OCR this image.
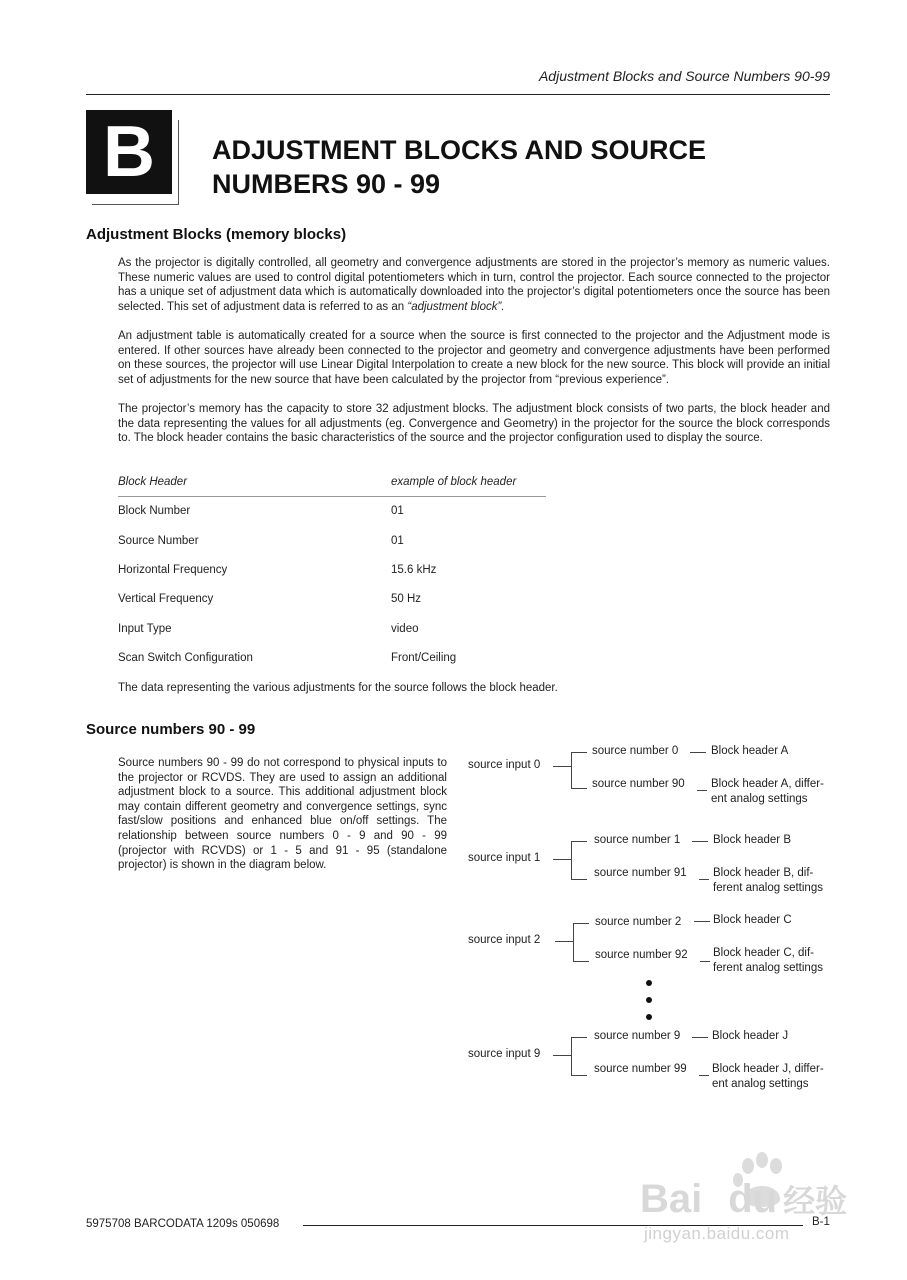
Adjustment Blocks and Source Numbers 90-99
B	ADJUSTMENT BLOCKS AND SOURCE
NUMBERS 90 - 99
Adjustment Blocks (memory blocks)
As the projector is digitally controlled, all geometry and convergence adjustments are stored in the projector’s memory as numeric values. These numeric values are used to control digital potentiometers which in turn, control the projector. Each source connected to the projector has a unique set of adjustment data which is automatically downloaded into the projector’s digital potentiometers once the source has been selected. This set of adjustment data is referred to as an “adjustment block”.
An adjustment table is automatically created for a source when the source is first connected to the projector and the Adjustment mode is entered. If other sources have already been connected to the projector and geometry and convergence adjustments have been performed on these sources, the projector will use Linear Digital Interpolation to create a new block for the new source. This block will provide an initial set of adjustments for the new source that have been calculated by the projector from “previous experience”.
The projector’s memory has the capacity to store 32 adjustment blocks. The adjustment block consists of two parts, the block header and the data representing the values for all adjustments (eg. Convergence and Geometry) in the projector for the source the block corresponds to. The block header contains the basic characteristics of the source and the projector configuration used to display the source.
Block Header	example of block header
Block Number	01
Source Number	01
Horizontal Frequency	15.6 kHz
Vertical Frequency	50 Hz
Input Type	video
Scan Switch Configuration	Front/Ceiling
The data representing the various adjustments for the source follows the block header.
Source numbers 90 - 99
Source numbers 90 - 99 do not correspond to physical inputs to the projector or RCVDS. They are used to assign an additional adjustment block to a source. This additional adjustment block may contain different geometry and convergence settings, sync fast/slow positions and enhanced blue on/off settings. The relationship between source numbers 0 - 9 and 90 - 99 (projector with RCVDS) or 1 - 5 and 91 - 95 (standalone projector) is shown in the diagram below.
source input 0
source number 0	Block header A
source number 90 Block header A, differ-
ent analog settings
source input 1
source number 1	Block header B
source number 91 Block header B, dif-
ferent analog settings
source input 2
source number 2	Block header C
source number 92 Block header C, dif-
ferent analog settings
source input 9
source number 9	Block header J
source number 99 Block header J, differ-
ent analog settings
Bai du 经验
jingyan.baidu.com
5975708 BARCODATA 1209s 050698	B-1
